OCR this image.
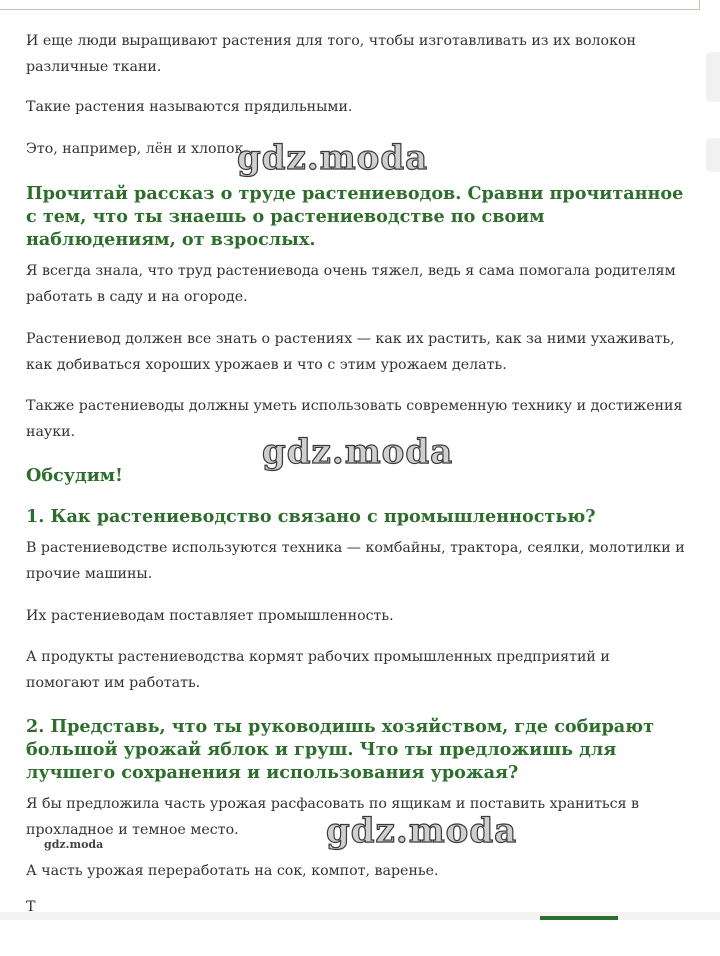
И еще люди выращивают растения для того, чтобы изготавливать из их волокон различные ткани.

Такие растения называются прядильными.

Это, например, лён и хлопок.

Прочитай рассказ о труде растениеводов. Сравни прочитанное с тем, что ты знаешь о растениеводстве по своим наблюдениям, от взрослых.

Я всегда знала, что труд растениевода очень тяжел, ведь я сама помогала родителям работать в саду и на огороде.

Растениевод должен все знать о растениях — как их растить, как за ними ухаживать, как добиваться хороших урожаев и что с этим урожаем делать.

Также растениеводы должны уметь использовать современную технику и достижения науки.

Обсудим!
1. Как растениеводство связано с промышленностью?

В растениеводстве используются техника — комбайны, трактора, сеялки, молотилки и прочие машины.

Их растениеводам поставляет промышленность.

А продукты растениеводства кормят рабочих промышленных предприятий и помогают им работать.

2. Представь, что ты руководишь хозяйством, где собирают большой урожай яблок и груш. Что ты предложишь для лучшего сохранения и использования урожая?

Я бы предложила часть урожая расфасовать по ящикам и поставить храниться в прохладное и темное место.

А часть урожая переработать на сок, компот, варенье.

Т
gdz.moda
gdz.moda
gdz.moda
gdz.moda
